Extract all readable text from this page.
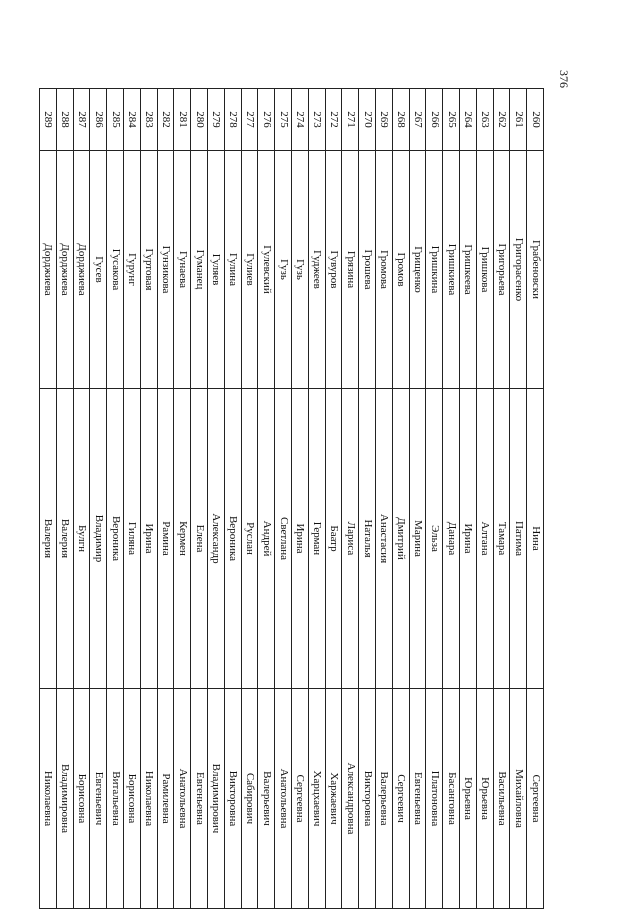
376
260	Грабеновски	Нина	Сергеевна
261	Григорасенко	Патима	Михайловна
262	Григорьева	Тамара	Васильевна
263	Гришкова	Алтана	Юрьевна
264	Гришкеева	Ирина	Юрьевна
265	Гришкиева	Данара	Басанговна
266	Гришкина	Эльза	Платоновна
267	Грищенко	Марина	Евгеньевна
268	Громов	Дмитрий	Сергеевич
269	Громова	Анастасия	Валерьевна
270	Грошева	Наталья	Викторовна
271	Грязина	Лариса	Александровна
272	Гувуров	Баатр	Харжаевич
273	Гуджеев	Герман	Харцхаевич
274	Гузь	Ирина	Сергеевна
275	Гузь	Светлана	Анатольевна
276	Гулевский	Андрей	Валерьевич
277	Гулиев	Руслан	Сабирович
278	Гулина	Вероника	Викторовна
279	Гуляев	Александр	Владимирович
280	Гуманец	Елена	Евгеньевна
281	Гунаева	Кермен	Анатольевна
282	Гунзикова	Рамина	Рамилевна
283	Гуртовая	Ирина	Николаевна
284	Гурунг	Гиляна	Борисовна
285	Гусакова	Вероника	Витальевна
286	Гусев	Владимир	Евгеньевич
287	Дорджиева	Булгн	Борисовна
288	Дорджиева	Валерия	Владимировна
289	Дорджиева	Валерия	Николаевна
